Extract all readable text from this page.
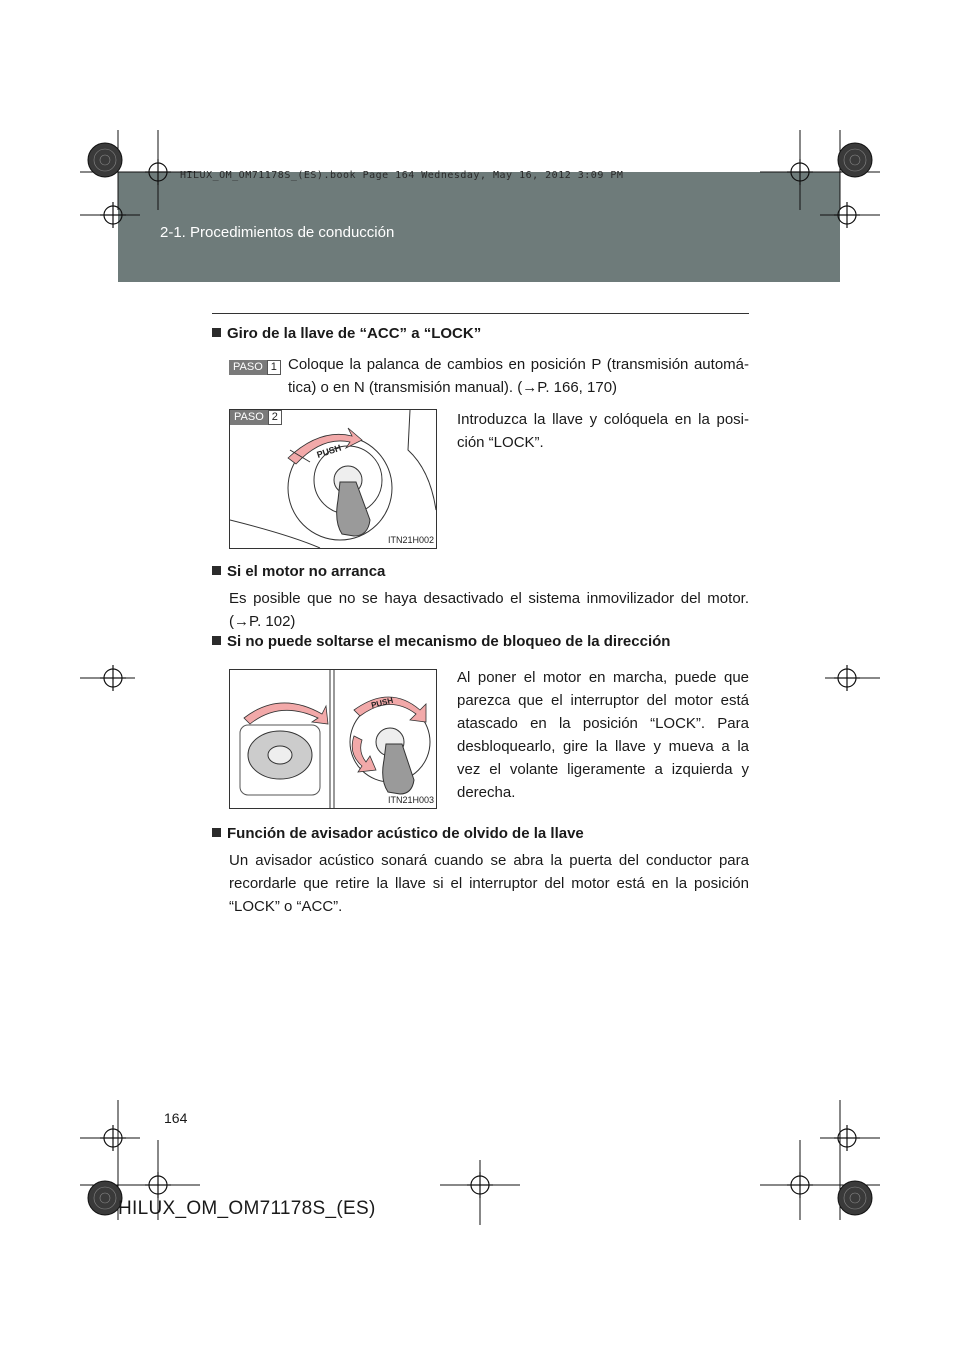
2-1. Procedimientos de conducción
HILUX_OM_OM71178S_(ES).book Page 164 Wednesday, May 16, 2012 3:09 PM
Giro de la llave de “ACC” a “LOCK”
PASO 1 Coloque la palanca de cambios en posición P (transmisión automá-tica) o en N (transmisión manual). (→P. 166, 170)
PASO 2
PUSH
ITN21H002
Introduzca la llave y colóquela en la posi-ción “LOCK”.
Si el motor no arranca
Es posible que no se haya desactivado el sistema inmovilizador del motor. (→P. 102)
Si no puede soltarse el mecanismo de bloqueo de la dirección
PUSH
ITN21H003
Al poner el motor en marcha, puede que parezca que el interruptor del motor está atascado en la posición “LOCK”. Para desbloquearlo, gire la llave y mueva a la vez el volante ligeramente a izquierda y derecha.
Función de avisador acústico de olvido de la llave
Un avisador acústico sonará cuando se abra la puerta del conductor para recordarle que retire la llave si el interruptor del motor está en la posición “LOCK” o “ACC”.
164
HILUX_OM_OM71178S_(ES)
